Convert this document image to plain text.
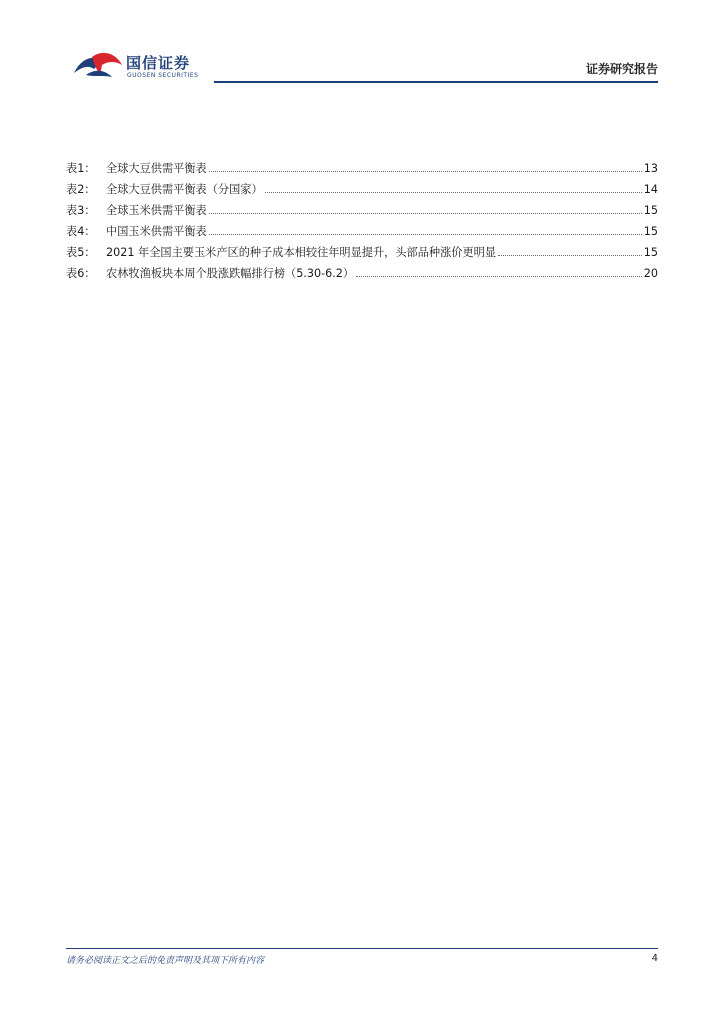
国信证券
GUOSEN SECURITIES	证券研究报告
表1： 全球大豆供需平衡表	13
表2： 全球大豆供需平衡表（分国家）	14
表3： 全球玉米供需平衡表	15
表4： 中国玉米供需平衡表	15
表5： 2021 年全国主要玉米产区的种子成本相较往年明显提升，头部品种涨价更明显	15
表6： 农林牧渔板块本周个股涨跌幅排行榜（5.30-6.2）	20
请务必阅读正文之后的免责声明及其项下所有内容	4
